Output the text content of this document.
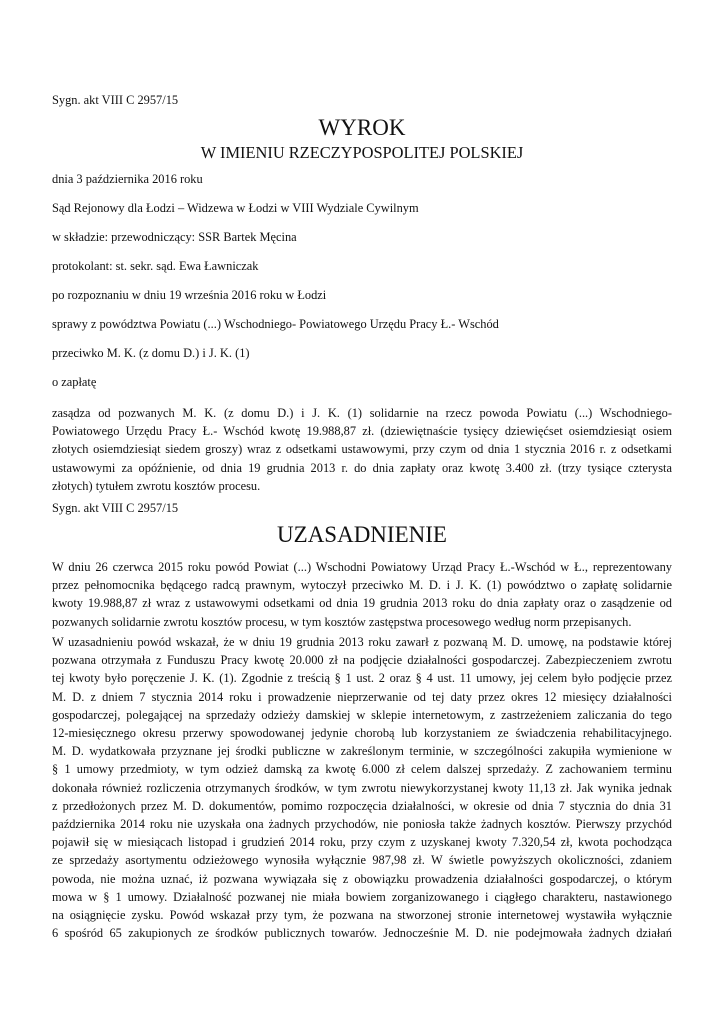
Sygn. akt VIII C 2957/15

WYROK
W IMIENIU RZECZYPOSPOLITEJ POLSKIEJ

dnia 3 października 2016 roku

Sąd Rejonowy dla Łodzi – Widzewa w Łodzi w VIII Wydziale Cywilnym

w składzie: przewodniczący: SSR Bartek Męcina

protokolant: st. sekr. sąd. Ewa Ławniczak

po rozpoznaniu w dniu 19 września 2016 roku w Łodzi

sprawy z powództwa Powiatu (...) Wschodniego- Powiatowego Urzędu Pracy Ł.- Wschód

przeciwko M. K. (z domu D.) i J. K. (1)

o zapłatę

zasądza od pozwanych M. K. (z domu D.) i J. K. (1) solidarnie na rzecz powoda Powiatu (...) Wschodniego-
Powiatowego Urzędu Pracy Ł.- Wschód kwotę 19.988,87 zł. (dziewiętnaście tysięcy dziewięćset osiemdziesiąt osiem
złotych osiemdziesiąt siedem groszy) wraz z odsetkami ustawowymi, przy czym od dnia 1 stycznia 2016 r. z odsetkami
ustawowymi za opóźnienie, od dnia 19 grudnia 2013 r. do dnia zapłaty oraz kwotę 3.400 zł. (trzy tysiące czterysta
złotych) tytułem zwrotu kosztów procesu.

Sygn. akt VIII C 2957/15

UZASADNIENIE
W dniu 26 czerwca 2015 roku powód Powiat (...) Wschodni Powiatowy Urząd Pracy Ł.-Wschód w Ł., reprezentowany
przez pełnomocnika będącego radcą prawnym, wytoczył przeciwko M. D. i J. K. (1) powództwo o zapłatę solidarnie
kwoty 19.988,87 zł wraz z ustawowymi odsetkami od dnia 19 grudnia 2013 roku do dnia zapłaty oraz o zasądzenie od
pozwanych solidarnie zwrotu kosztów procesu, w tym kosztów zastępstwa procesowego według norm przepisanych.
W uzasadnieniu powód wskazał, że w dniu 19 grudnia 2013 roku zawarł z pozwaną M. D. umowę, na podstawie której
pozwana otrzymała z Funduszu Pracy kwotę 20.000 zł na podjęcie działalności gospodarczej. Zabezpieczeniem zwrotu
tej kwoty było poręczenie J. K. (1). Zgodnie z treścią § 1 ust. 2 oraz § 4 ust. 11 umowy, jej celem było podjęcie przez
M. D. z dniem 7 stycznia 2014 roku i prowadzenie nieprzerwanie od tej daty przez okres 12 miesięcy działalności
gospodarczej, polegającej na sprzedaży odzieży damskiej w sklepie internetowym, z zastrzeżeniem zaliczania do tego
12-miesięcznego okresu przerwy spowodowanej jedynie chorobą lub korzystaniem ze świadczenia rehabilitacyjnego.
M. D. wydatkowała przyznane jej środki publiczne w zakreślonym terminie, w szczególności zakupiła wymienione w
§ 1 umowy przedmioty, w tym odzież damską za kwotę 6.000 zł celem dalszej sprzedaży. Z zachowaniem terminu
dokonała również rozliczenia otrzymanych środków, w tym zwrotu niewykorzystanej kwoty 11,13 zł. Jak wynika jednak
z przedłożonych przez M. D. dokumentów, pomimo rozpoczęcia działalności, w okresie od dnia 7 stycznia do dnia 31
października 2014 roku nie uzyskała ona żadnych przychodów, nie poniosła także żadnych kosztów. Pierwszy przychód
pojawił się w miesiącach listopad i grudzień 2014 roku, przy czym z uzyskanej kwoty 7.320,54 zł, kwota pochodząca
ze sprzedaży asortymentu odzieżowego wynosiła wyłącznie 987,98 zł. W świetle powyższych okoliczności, zdaniem
powoda, nie można uznać, iż pozwana wywiązała się z obowiązku prowadzenia działalności gospodarczej, o którym
mowa w § 1 umowy. Działalność pozwanej nie miała bowiem zorganizowanego i ciągłego charakteru, nastawionego
na osiągnięcie zysku. Powód wskazał przy tym, że pozwana na stworzonej stronie internetowej wystawiła wyłącznie
6 spośród 65 zakupionych ze środków publicznych towarów. Jednocześnie M. D. nie podejmowała żadnych działań
